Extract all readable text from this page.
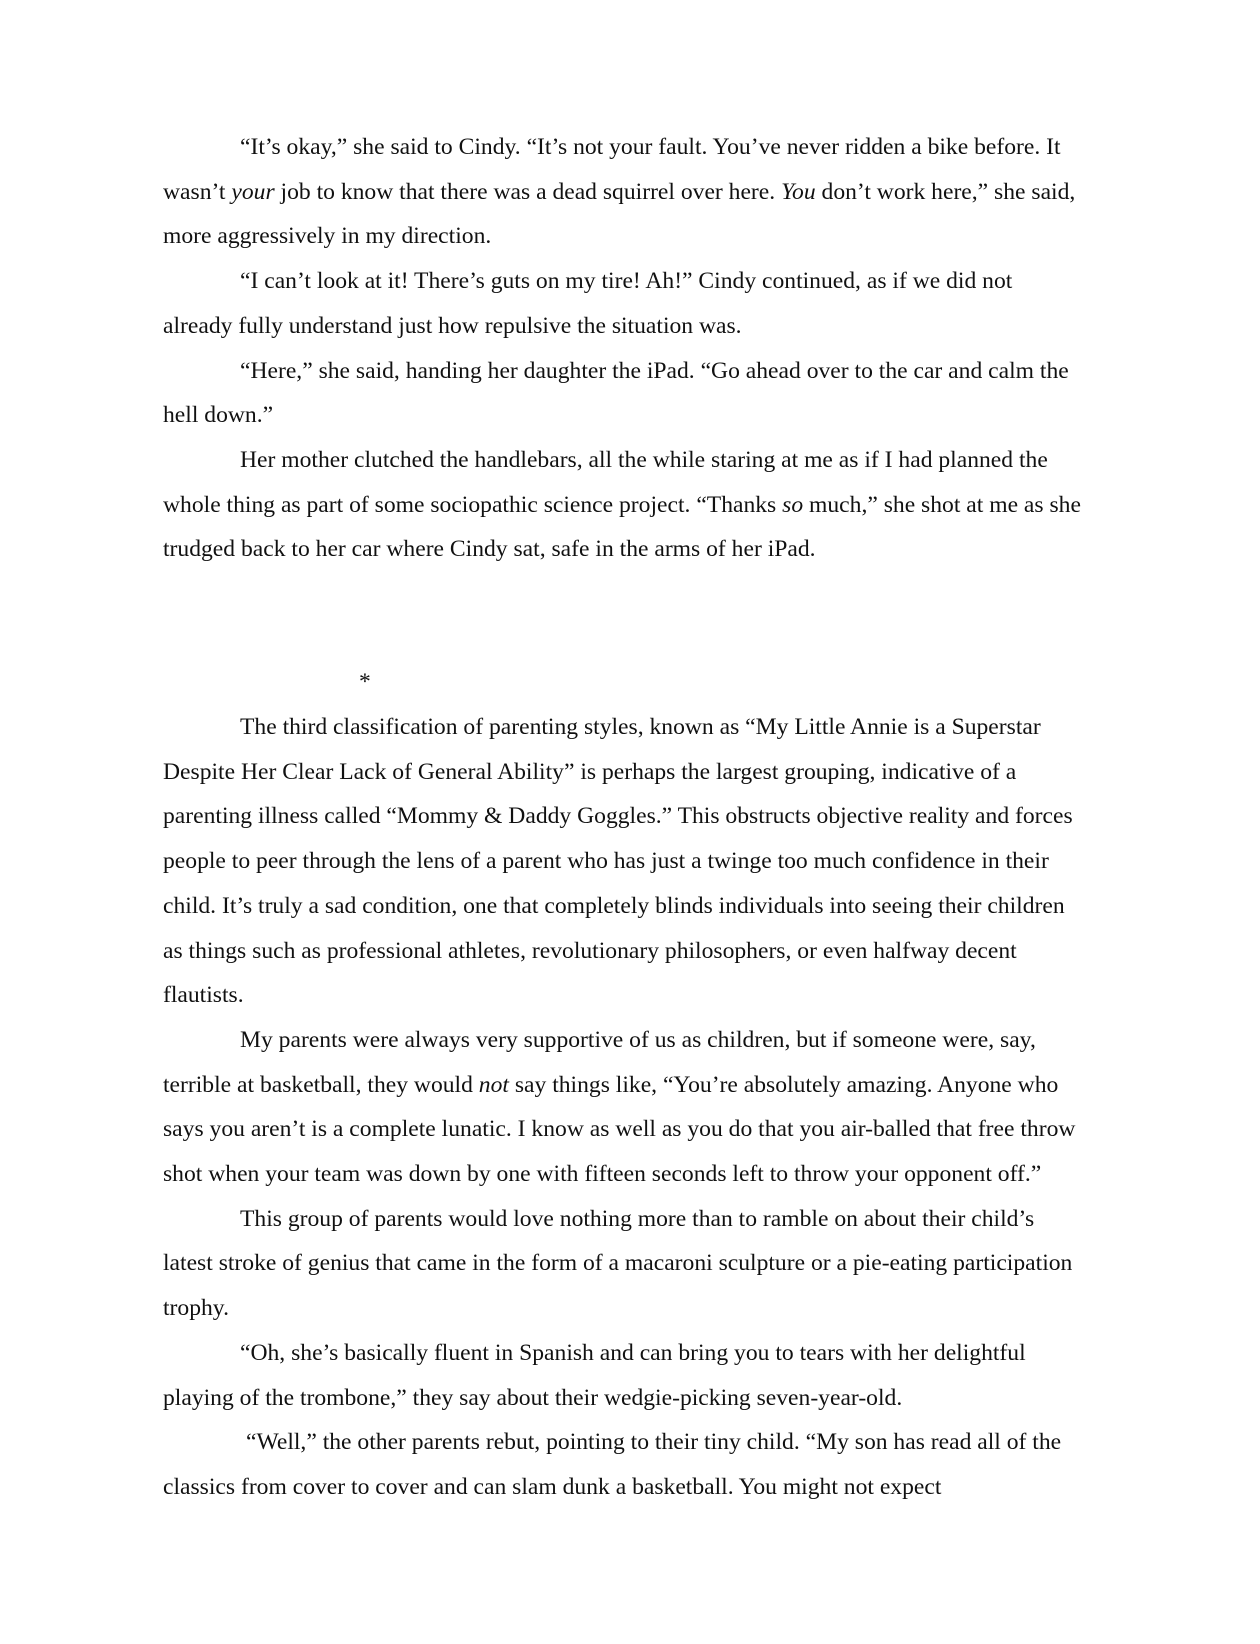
“It’s okay,” she said to Cindy. “It’s not your fault. You’ve never ridden a bike before. It wasn’t your job to know that there was a dead squirrel over here. You don’t work here,” she said, more aggressively in my direction.

“I can’t look at it! There’s guts on my tire! Ah!” Cindy continued, as if we did not already fully understand just how repulsive the situation was.

“Here,” she said, handing her daughter the iPad. “Go ahead over to the car and calm the hell down.”

Her mother clutched the handlebars, all the while staring at me as if I had planned the whole thing as part of some sociopathic science project. “Thanks so much,” she shot at me as she trudged back to her car where Cindy sat, safe in the arms of her iPad.

*

The third classification of parenting styles, known as “My Little Annie is a Superstar Despite Her Clear Lack of General Ability” is perhaps the largest grouping, indicative of a parenting illness called “Mommy & Daddy Goggles.” This obstructs objective reality and forces people to peer through the lens of a parent who has just a twinge too much confidence in their child. It’s truly a sad condition, one that completely blinds individuals into seeing their children as things such as professional athletes, revolutionary philosophers, or even halfway decent flautists.

My parents were always very supportive of us as children, but if someone were, say, terrible at basketball, they would not say things like, “You’re absolutely amazing. Anyone who says you aren’t is a complete lunatic. I know as well as you do that you air-balled that free throw shot when your team was down by one with fifteen seconds left to throw your opponent off.”

This group of parents would love nothing more than to ramble on about their child’s latest stroke of genius that came in the form of a macaroni sculpture or a pie-eating participation trophy.

“Oh, she’s basically fluent in Spanish and can bring you to tears with her delightful playing of the trombone,” they say about their wedgie-picking seven-year-old.

“Well,” the other parents rebut, pointing to their tiny child. “My son has read all of the classics from cover to cover and can slam dunk a basketball. You might not expect
